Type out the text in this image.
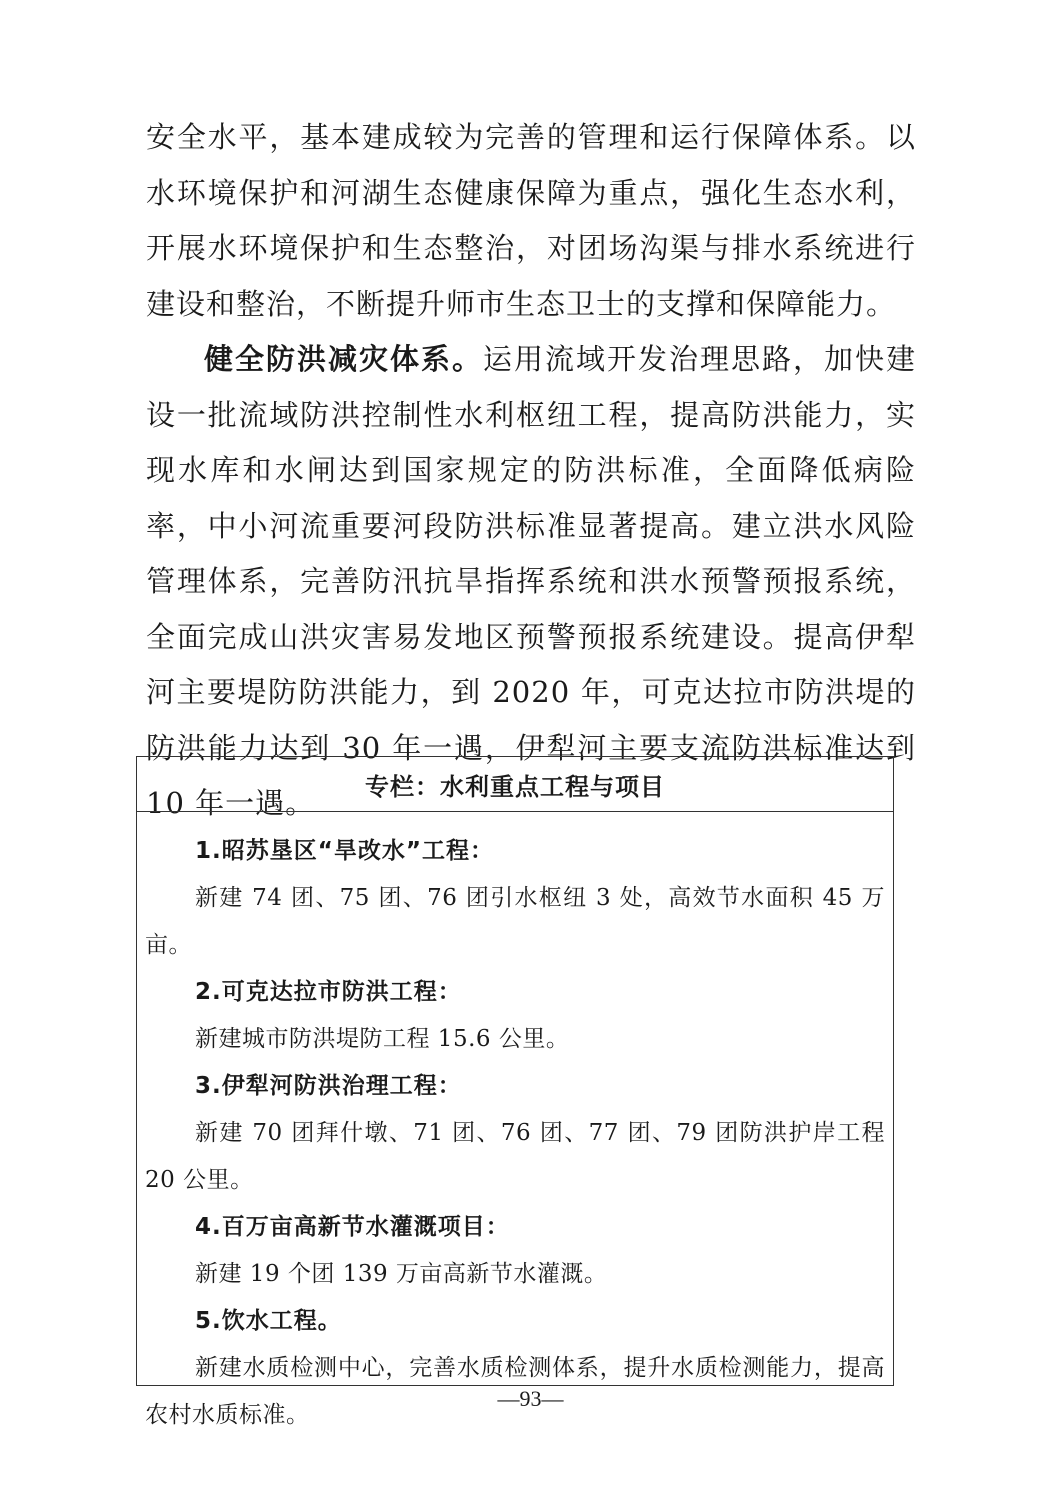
安全水平，基本建成较为完善的管理和运行保障体系。以水环境保护和河湖生态健康保障为重点，强化生态水利，开展水环境保护和生态整治，对团场沟渠与排水系统进行建设和整治，不断提升师市生态卫士的支撑和保障能力。

健全防洪减灾体系。运用流域开发治理思路，加快建设一批流域防洪控制性水利枢纽工程，提高防洪能力，实现水库和水闸达到国家规定的防洪标准，全面降低病险率，中小河流重要河段防洪标准显著提高。建立洪水风险管理体系，完善防汛抗旱指挥系统和洪水预警预报系统，全面完成山洪灾害易发地区预警预报系统建设。提高伊犁河主要堤防防洪能力，到 2020 年，可克达拉市防洪堤的防洪能力达到 30 年一遇，伊犁河主要支流防洪标准达到 10 年一遇。	专栏：水利重点工程与项目
1.昭苏垦区“旱改水”工程：
新建 74 团、75 团、76 团引水枢纽 3 处，高效节水面积 45 万亩。
2.可克达拉市防洪工程：
新建城市防洪堤防工程 15.6 公里。
3.伊犁河防洪治理工程：
新建 70 团拜什墩、71 团、76 团、77 团、79 团防洪护岸工程 20 公里。
4.百万亩高新节水灌溉项目：
新建 19 个团 139 万亩高新节水灌溉。
5.饮水工程。
新建水质检测中心，完善水质检测体系，提升水质检测能力，提高农村水质标准。
—93—
